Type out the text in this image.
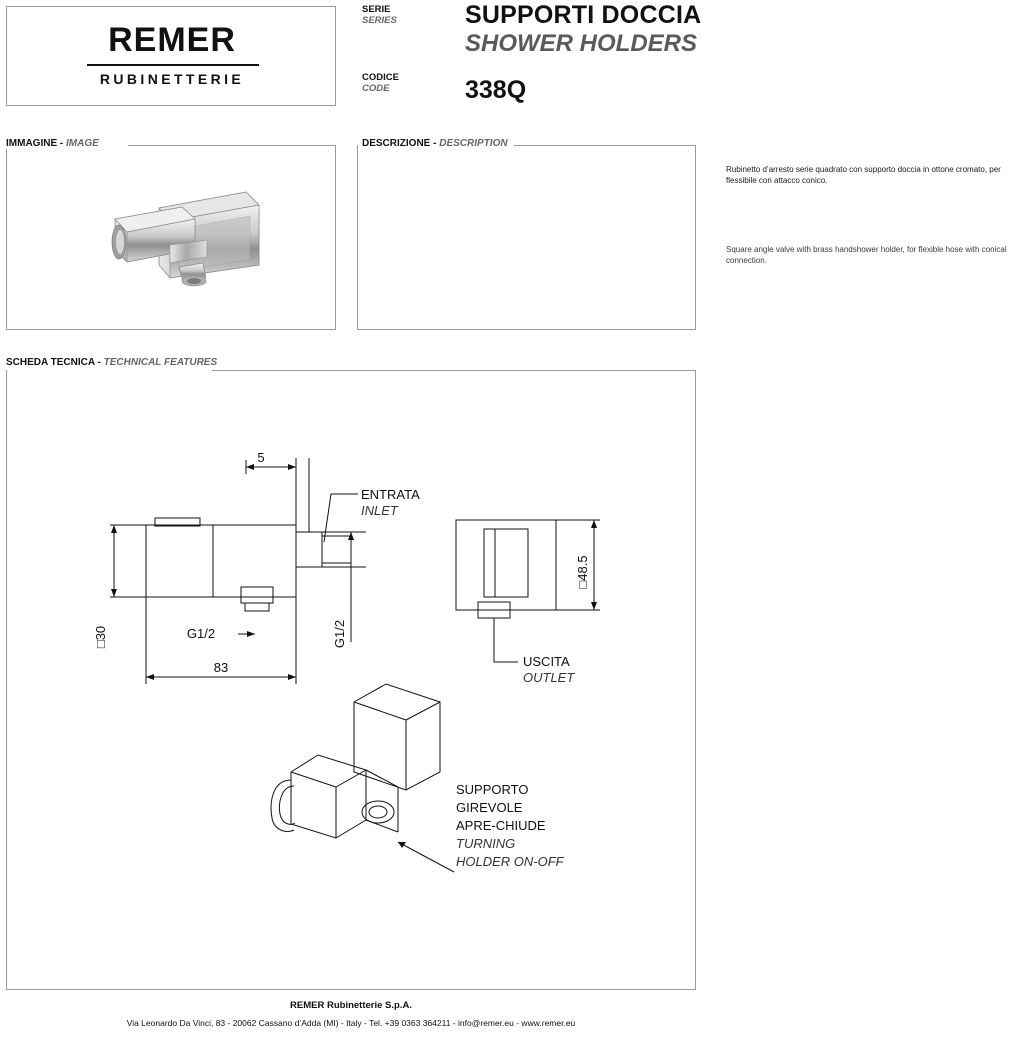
REMER
RUBINETTERIE
SERIE
SERIES
CODICE
CODE
SUPPORTI DOCCIA
SHOWER HOLDERS
338Q
IMMAGINE - IMAGE	DESCRIZIONE - DESCRIPTION
Rubinetto d’arresto serie quadrato con supporto doccia in ottone cromato, per flessibile con attacco conico.
Square angle valve with brass handshower holder, for flexible hose with conical connection.
SCHEDA TECNICA - TECHNICAL FEATURES
5
□30	G1/2	G1/2
83
□48.5
ENTRATA
INLET
USCITA
OUTLET
SUPPORTO
GIREVOLE
APRE-CHIUDE
TURNING
HOLDER ON-OFF
REMER Rubinetterie S.p.A.
Via Leonardo Da Vinci, 83 - 20062 Cassano d’Adda (MI) - Italy - Tel. +39 0363 364211 - info@remer.eu - www.remer.eu
